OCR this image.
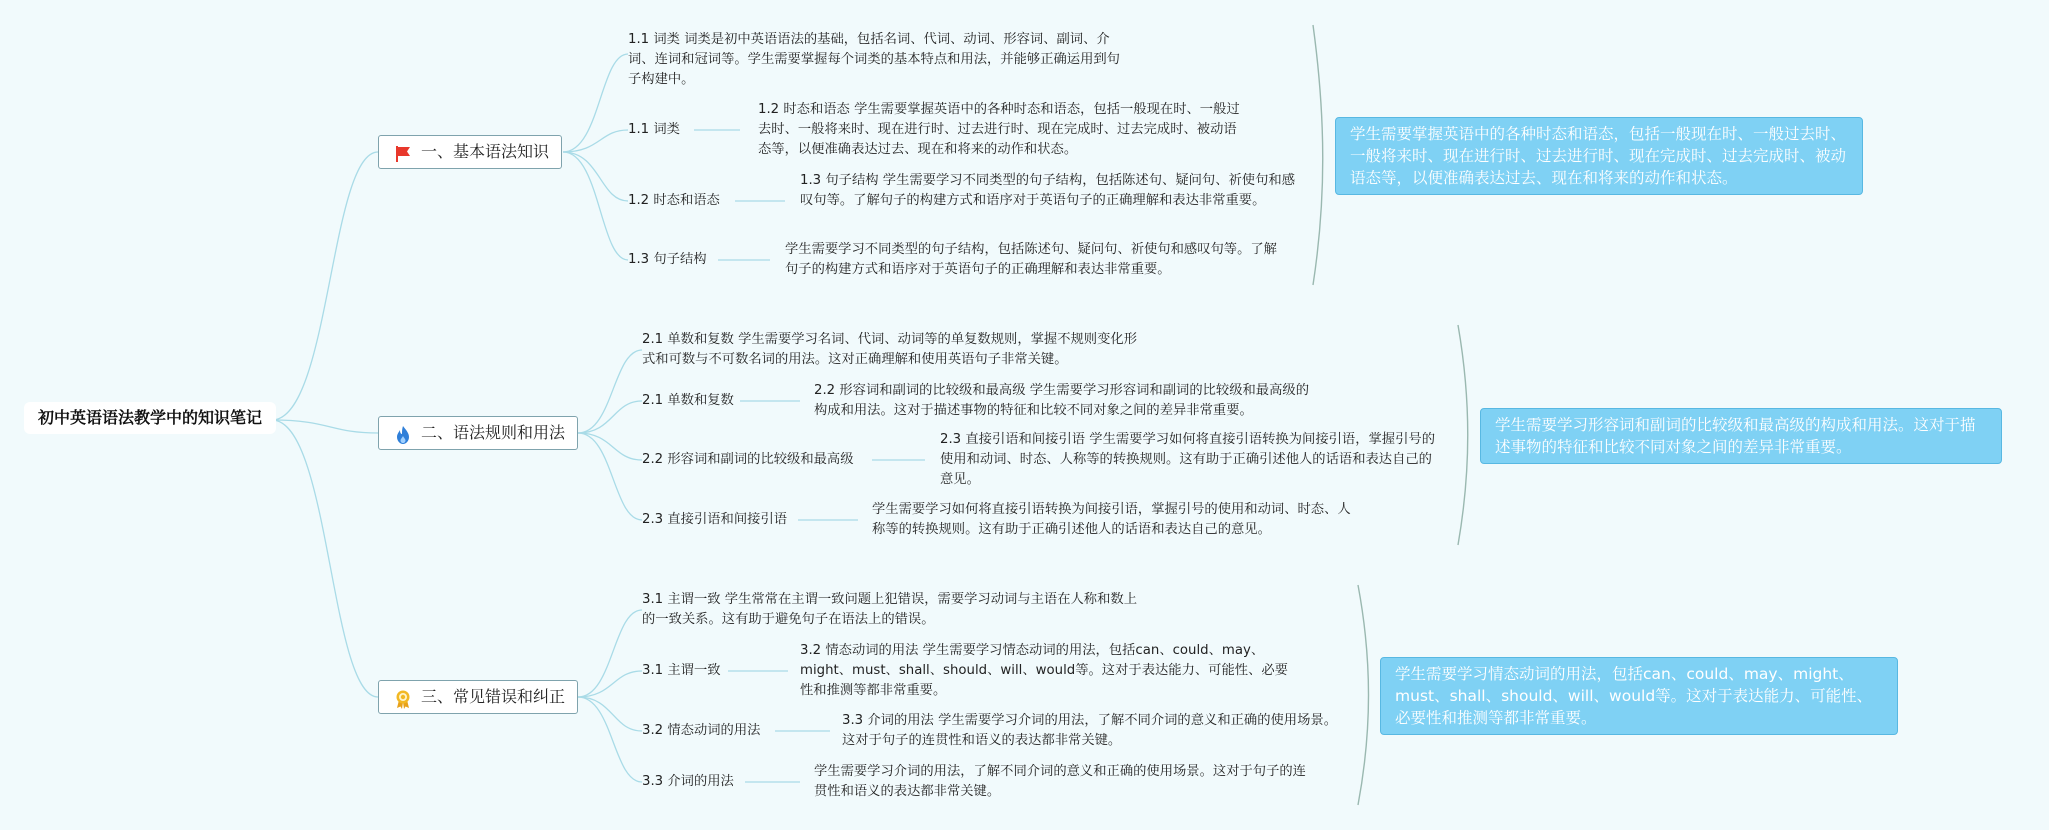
初中英语语法教学中的知识笔记
一、基本语法知识
1.1 词类 词类是初中英语语法的基础，包括名词、代词、动词、形容词、副词、介词、连词和冠词等。学生需要掌握每个词类的基本特点和用法，并能够正确运用到句子构建中。
1.1 词类
1.2 时态和语态 学生需要掌握英语中的各种时态和语态，包括一般现在时、一般过去时、一般将来时、现在进行时、过去进行时、现在完成时、过去完成时、被动语态等，以便准确表达过去、现在和将来的动作和状态。
1.2 时态和语态
1.3 句子结构 学生需要学习不同类型的句子结构，包括陈述句、疑问句、祈使句和感叹句等。了解句子的构建方式和语序对于英语句子的正确理解和表达非常重要。
1.3 句子结构
学生需要学习不同类型的句子结构，包括陈述句、疑问句、祈使句和感叹句等。了解句子的构建方式和语序对于英语句子的正确理解和表达非常重要。
学生需要掌握英语中的各种时态和语态，包括一般现在时、一般过去时、一般将来时、现在进行时、过去进行时、现在完成时、过去完成时、被动语态等，以便准确表达过去、现在和将来的动作和状态。
二、语法规则和用法
2.1 单数和复数 学生需要学习名词、代词、动词等的单复数规则，掌握不规则变化形式和可数与不可数名词的用法。这对正确理解和使用英语句子非常关键。
2.1 单数和复数
2.2 形容词和副词的比较级和最高级 学生需要学习形容词和副词的比较级和最高级的构成和用法。这对于描述事物的特征和比较不同对象之间的差异非常重要。
2.2 形容词和副词的比较级和最高级
2.3 直接引语和间接引语 学生需要学习如何将直接引语转换为间接引语，掌握引号的使用和动词、时态、人称等的转换规则。这有助于正确引述他人的话语和表达自己的意见。
2.3 直接引语和间接引语
学生需要学习如何将直接引语转换为间接引语，掌握引号的使用和动词、时态、人称等的转换规则。这有助于正确引述他人的话语和表达自己的意见。
学生需要学习形容词和副词的比较级和最高级的构成和用法。这对于描述事物的特征和比较不同对象之间的差异非常重要。
三、常见错误和纠正
3.1 主谓一致 学生常常在主谓一致问题上犯错误，需要学习动词与主语在人称和数上的一致关系。这有助于避免句子在语法上的错误。
3.1 主谓一致
3.2 情态动词的用法 学生需要学习情态动词的用法，包括can、could、may、might、must、shall、should、will、would等。这对于表达能力、可能性、必要性和推测等都非常重要。
3.2 情态动词的用法
3.3 介词的用法 学生需要学习介词的用法，了解不同介词的意义和正确的使用场景。这对于句子的连贯性和语义的表达都非常关键。
3.3 介词的用法
学生需要学习介词的用法，了解不同介词的意义和正确的使用场景。这对于句子的连贯性和语义的表达都非常关键。
学生需要学习情态动词的用法，包括can、could、may、might、must、shall、should、will、would等。这对于表达能力、可能性、必要性和推测等都非常重要。
